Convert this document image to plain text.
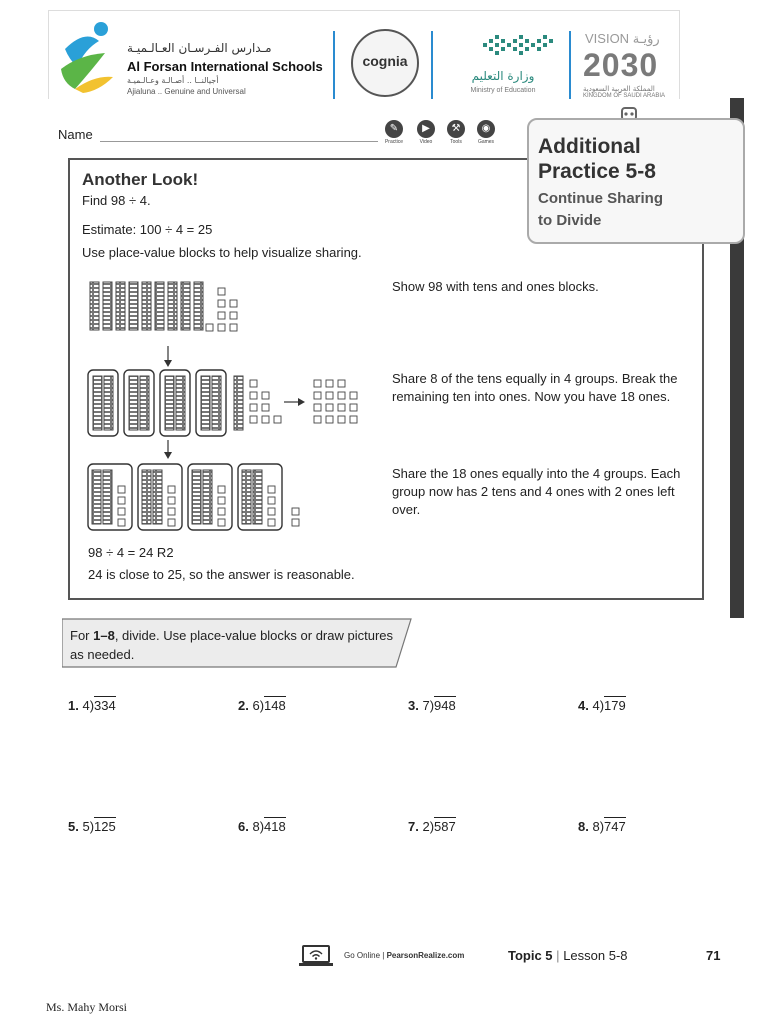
مـدارس الفـرسـان العـالـميـة
Al Forsan International Schools
أجيالنــا .. أصـالـة وعـالـميـة
Ajialuna .. Genuine and Universal
cognia
وزارة التعليم
Ministry of Education
VISION رؤيـة
2030
المملكة العربية السعودية
KINGDOM OF SAUDI ARABIA
Name	✎
Practice
▶
Video
⚒
Tools
◉
Games
Another Look!
Find 98 ÷ 4.
Estimate: 100 ÷ 4 = 25
Use place-value blocks to help visualize sharing.
Show 98 with tens and ones blocks.
Share 8 of the tens equally in 4 groups. Break the remaining ten into ones. Now you have 18 ones.
Share the 18 ones equally into the 4 groups. Each group now has 2 tens and 4 ones with 2 ones left over.
98 ÷ 4 = 24 R2
24 is close to 25, so the answer is reasonable.
Additional
Practice 5-8
Continue Sharing
to Divide
For 1–8, divide. Use place-value blocks or draw pictures as needed.
1. 4)334	2. 6)148	3. 7)948	4. 4)179
5. 5)125	6. 8)418	7. 2)587	8. 8)747
Go Online | PearsonRealize.com	Topic 5 | Lesson 5-8	71
Ms. Mahy Morsi
